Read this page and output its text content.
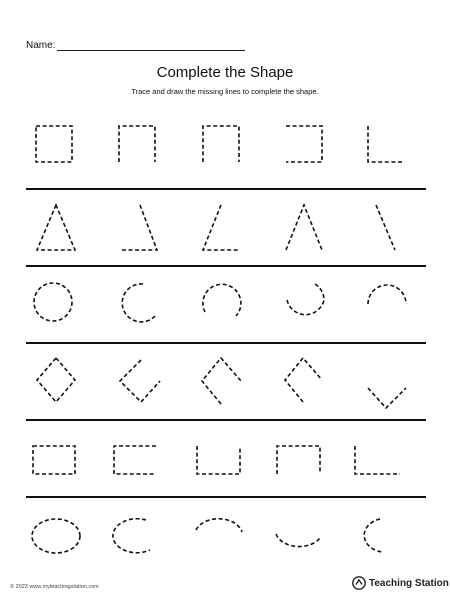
Name:
Complete the Shape
Trace and draw the missing lines to complete the shape.
© 2023 www.myteachingstation.com	Teaching Station
